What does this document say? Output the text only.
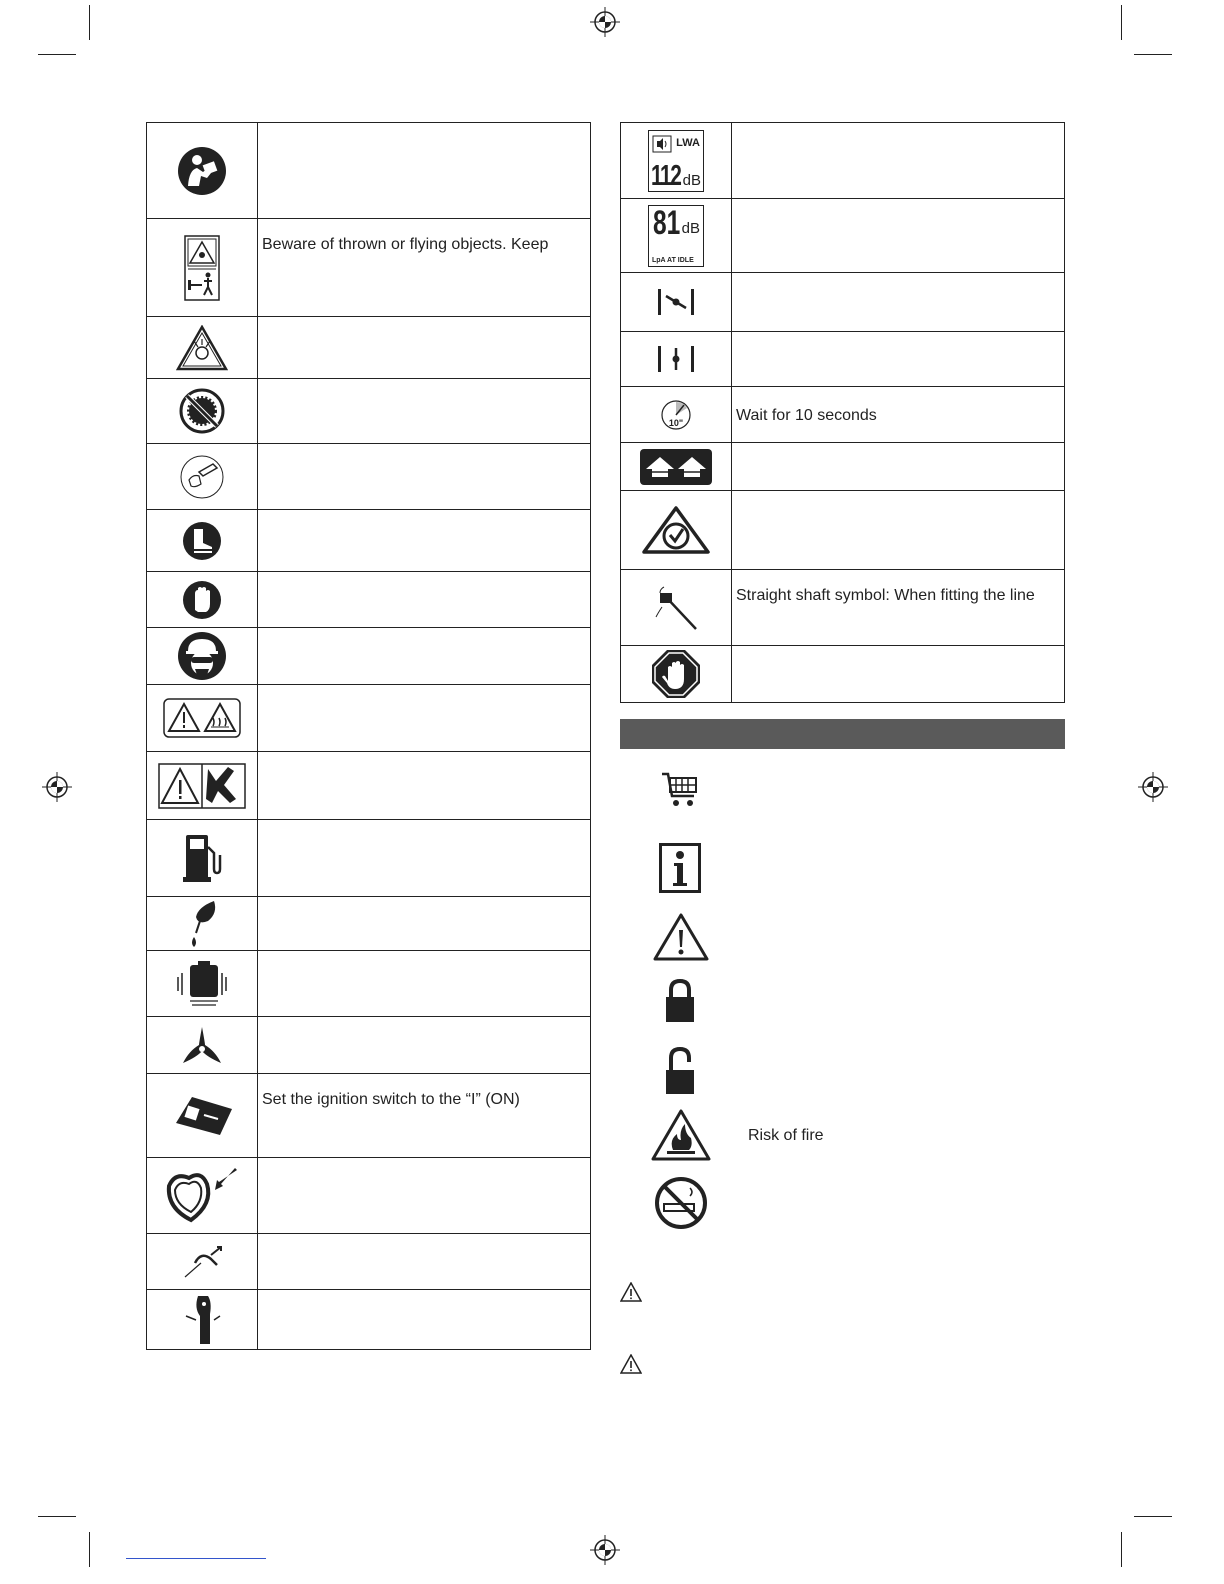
	Beware of thrown or flying objects. Keep

	Set the ignition switch to the “I” (ON)

LWA
112 dB	

81 dB
LpA AT IDLE	

10"	Wait for 10 seconds

	Straight shaft symbol: When fitting the line

Risk of fire
